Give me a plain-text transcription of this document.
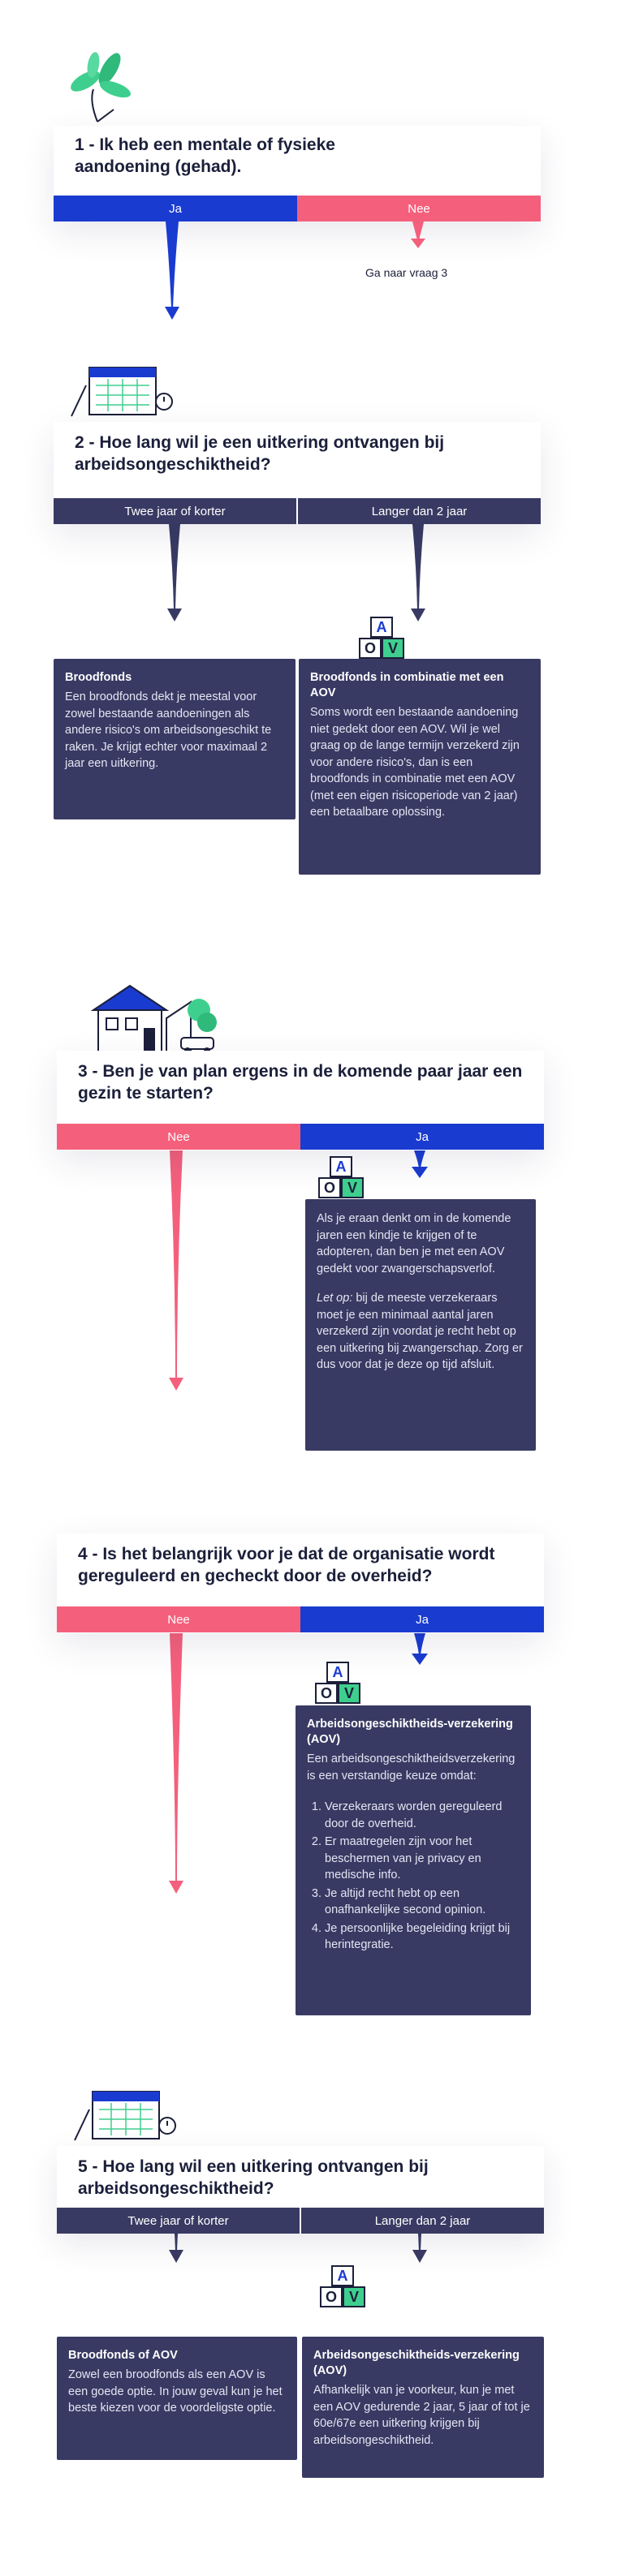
1 - Ik heb een mentale of fysieke aandoening (gehad).
Ja	Nee
Ga naar vraag 3
2 - Hoe lang wil je een uitkering ontvangen bij arbeidsongeschiktheid?
Twee jaar of korter	Langer dan 2 jaar
A
O V
Broodfonds
Een broodfonds dekt je meestal voor zowel bestaande aandoeningen als andere risico's om arbeidsongeschikt te raken. Je krijgt echter voor maximaal 2 jaar een uitkering.
Broodfonds in combinatie met een AOV
Soms wordt een bestaande aandoening niet gedekt door een AOV. Wil je wel graag op de lange termijn verzekerd zijn voor andere risico's, dan is een broodfonds in combinatie met een AOV (met een eigen risicoperiode van 2 jaar) een betaalbare oplossing.
3 - Ben je van plan ergens in de komende paar jaar een gezin te starten?
Nee	Ja
A
O V
Als je eraan denkt om in de komende jaren een kindje te krijgen of te adopteren, dan ben je met een AOV gedekt voor zwangerschapsverlof.
Let op: bij de meeste verzekeraars moet je een minimaal aantal jaren verzekerd zijn voordat je recht hebt op een uitkering bij zwangerschap. Zorg er dus voor dat je deze op tijd afsluit.
4 - Is het belangrijk voor je dat de organisatie wordt gereguleerd en gecheckt door de overheid?
Nee	Ja
A
O V
Arbeidsongeschiktheids-verzekering (AOV)
Een arbeidsongeschiktheidsverzekering is een verstandige keuze omdat:
1. Verzekeraars worden gereguleerd door de overheid.
2. Er maatregelen zijn voor het beschermen van je privacy en medische info.
3. Je altijd recht hebt op een onafhankelijke second opinion.
4. Je persoonlijke begeleiding krijgt bij herintegratie.
5 - Hoe lang wil een uitkering ontvangen bij arbeidsongeschiktheid?
Twee jaar of korter	Langer dan 2 jaar
A
O V
Broodfonds of AOV
Zowel een broodfonds als een AOV is een goede optie. In jouw geval kun je het beste kiezen voor de voordeligste optie.
Arbeidsongeschiktheids-verzekering (AOV)
Afhankelijk van je voorkeur, kun je met een AOV gedurende 2 jaar, 5 jaar of tot je 60e/67e een uitkering krijgen bij arbeidsongeschiktheid.
